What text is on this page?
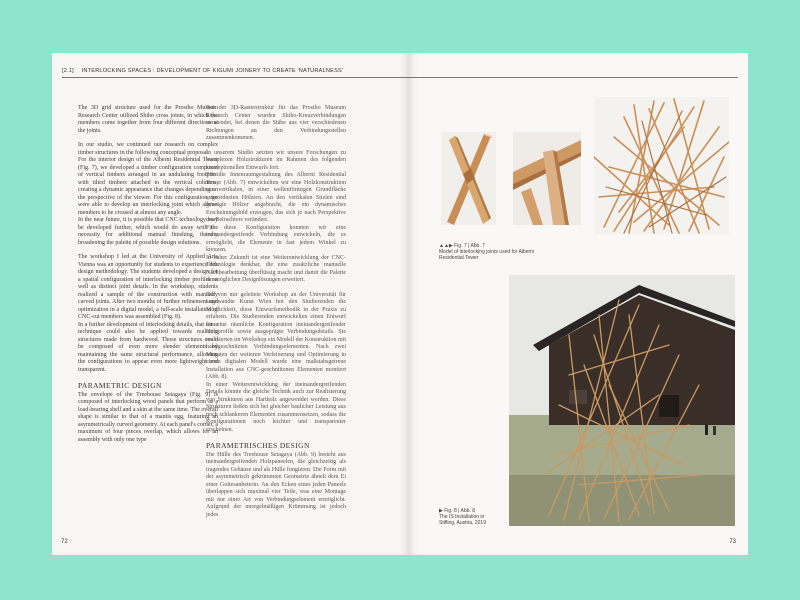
[2.1] INTERLOCKING SPACES : DEVELOPMENT OF KIGUMI JOINERY TO CREATE 'NATURALNESS'

The 3D grid structure used for the Prostho Museum Research Center utilized Shiho cross joints, in which the members come together from four different directions at the joints.

In our studio, we continued our research on complex timber structures in the following conceptual proposal.

For the interior design of the Alberni Residential Tower (Fig. 7), we developed a timber configuration composed of vertical timbers arranged in an undulating footprint with tilted timbers attached to the vertical columns, creating a dynamic appearance that changes depending on the perspective of the viewer. For this configuration, we were able to develop an interlocking joint which allows members to be crossed at almost any angle.

In the near future, it is possible that CNC technology may be developed further, which would do away with the necessity for additional manual finishing, thereby broadening the palette of possible design solutions.

The workshop I led at the University of Applied Arts Vienna was an opportunity for students to experience this design methodology. The students developed a design for a spatial configuration of interlocking timber profiles as well as distinct joint details. In the workshop, students realized a sample of the construction with manually carved joints. After two months of further refinement and optimization in a digital model, a full-scale installation of CNC-cut members was assembled (Fig. 8).

In a further development of interlocking details, that same technique could also be applied towards realizing structures made from hardwood. Those structures could be composed of even more slender elements by maintaining the same structural performance, allowing the configurations to appear even more lightweight and transparent.

PARAMETRIC DESIGN

The envelope of the Treehouse Setagaya (Fig. 9) is composed of interlocking wood panels that perform as a load-bearing shell and a skin at the same time. The overall shape is similar to that of a mantis egg, featuring an asymmetrically curved geometry. At each panel's corner, a maximum of four pieces overlap, which allows for an assembly with only one type

Bei der 3D-Rasterstruktur für das Prostho Museum Research Center wurden Shiho-Kreuzverbindungen verwendet, bei denen die Stäbe aus vier verschiedenen Richtungen an den Verbindungsstellen zusammenkommen.

In unserem Studio setzten wir unsere Forschungen zu komplexen Holzstrukturen im Rahmen des folgenden konzeptionellen Entwurfs fort.

Für die Innenraumgestaltung des Alberni Residential Tower (Abb. 7) entwickelten wir eine Holzkonstruktion aus vertikalen, in einer wellenförmigen Grundfläche angeordneten Hölzern. An den vertikalen Stielen sind geneigte Hölzer angebracht, die ein dynamisches Erscheinungsbild erzeugen, das sich je nach Perspektive des Betrachters verändert.

Für diese Konfiguration konnten wir eine ineinandergreifende Verbindung entwickeln, die es ermöglicht, die Elemente in fast jedem Winkel zu kreuzen.

In naher Zukunft ist eine Weiterentwicklung der CNC-Technologie denkbar, die eine zusätzliche manuelle Nachbearbeitung überflüssig macht und damit die Palette der möglichen Designlösungen erweitert.

Der von mir geleitete Workshop an der Universität für angewandte Kunst Wien bot den Studierenden die Möglichkeit, diese Entwurfsmethodik in der Praxis zu erfahren. Die Studierenden entwickelten einen Entwurf für eine räumliche Konfiguration ineinandergreifender Holzprofile sowie ausgeprägte Verbindungsdetails. Sie realisierten im Workshop ein Modell der Konstruktion mit handgeschnitzten Verbindungselementen. Nach zwei Monaten der weiteren Verfeinerung und Optimierung in einem digitalen Modell wurde eine maßstabsgetreue Installation aus CNC-geschnittenen Elementen montiert (Abb. 8).

In einer Weiterentwicklung der ineinandergreifenden Details könnte die gleiche Technik auch zur Realisierung von Strukturen aus Hartholz angewendet werden. Diese Strukturen ließen sich bei gleicher baulicher Leistung aus noch schlankeren Elementen zusammensetzen, sodass die Konfigurationen noch leichter und transparenter erscheinen.

PARAMETRISCHES DESIGN

Die Hülle des Treehouse Setagaya (Abb. 9) besteht aus ineinandergreifenden Holzpaneelen, die gleichzeitig als tragendes Gehäuse und als Hülle fungieren. Die Form mit der asymmetrisch gekrümmten Geometrie ähnelt dem Ei einer Gottesanbeterin. An den Ecken eines jeden Paneels überlappen sich maximal vier Teile, was eine Montage mit nur einer Art von Verbindungselement ermöglicht. Aufgrund der unregelmäßigen Krümmung ist jedoch jedes

72
▲▲▶ Fig. 7 | Abb. 7
Model of interlocking joints used for Alberni Residential Tower
▶ Fig. 8 | Abb. 8
The IS Installation in Stifling, Austria, 2019
73
